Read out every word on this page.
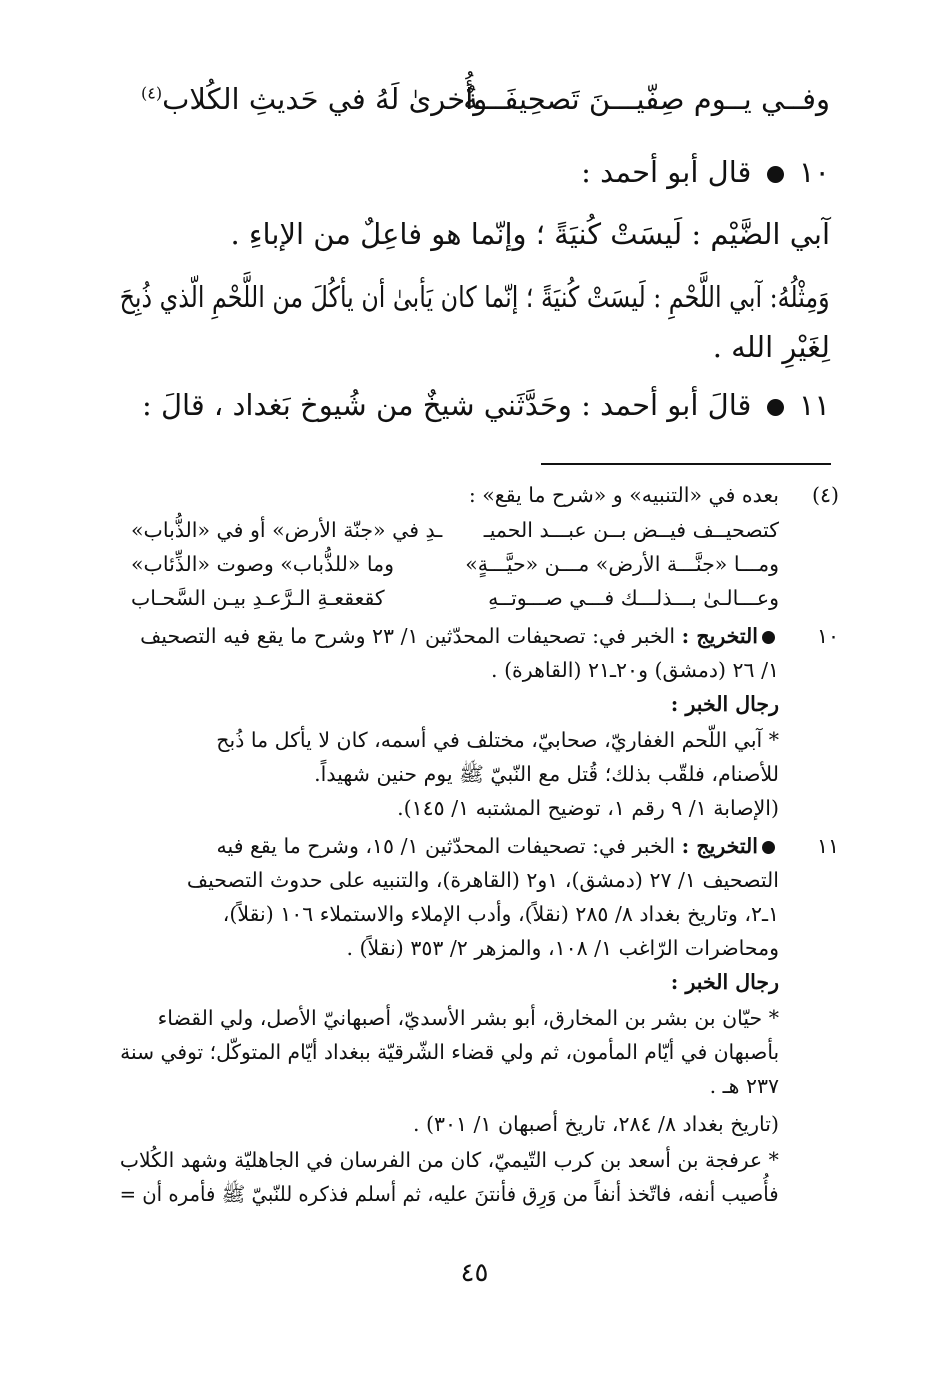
وفــي يــوم صِفّيـــنَ تَصحِيفَـــةٌ
وأُخرىٰ لَهُ في حَديثِ الكُلاب$^{(٤)}$
١٠  قال أبو أحمد :
آبي الضَّيْم : لَيسَتْ كُنيَةً ؛ وإنّما هو فاعِلٌ من الإباءِ .
وَمِثْلُهُ: آبي اللَّحْمِ : لَيسَتْ كُنيَةً ؛ إنّما كان يَأبىٰ أن يأكُلَ من اللَّحْمِ الّذي ذُبِحَ
لِغَيْرِ الله .
١١  قالَ أبو أحمد : وحَدَّثَني شيخٌ من شُيوخ بَغداد ، قالَ :
(٤)
بعده في «التنبيه» و «شرح ما يقع» :
كتصحيــف فيــض بــن عبـــد الحميـ
ـدِ في «جنّة الأرض» أو في «الذُّباب»
ومـــا «جنَّـــة الأرض» مـــن «حيَّـــةٍ»
وما «للذُّباب» وصوت «الذِّئاب»
وعـــالـىٰ بـــذلـــك فـــي صـــوتــهِ
كقعقعـةِ الـرَّعـدِ بيـن السَّحـاب
١٠
التخريج : الخبر في: تصحيفات المحدّثين ١/ ٢٣ وشرح ما يقع فيه التصحيف
١/ ٢٦ (دمشق) و٢٠ـ٢١ (القاهرة) .
رجال الخبر :
* آبي اللّحم الغفاريّ، صحابيّ، مختلف في أسمه، كان لا يأكل ما ذُبح
للأصنام، فلقّب بذلك؛ قُتل مع النّبيّ ﷺ يوم حنين شهيداً.
(الإصابة ١/ ٩ رقم ١، توضيح المشتبه ١/ ١٤٥).
١١
التخريج : الخبر في: تصحيفات المحدّثين ١/ ١٥، وشرح ما يقع فيه
التصحيف ١/ ٢٧ (دمشق)، ١و٢ (القاهرة)، والتنبيه على حدوث التصحيف
١ـ٢، وتاريخ بغداد ٨/ ٢٨٥ (نقلاً)، وأدب الإملاء والاستملاء ١٠٦ (نقلاً)،
ومحاضرات الرّاغب ١/ ١٠٨، والمزهر ٢/ ٣٥٣ (نقلاً) .
رجال الخبر :
* حيّان بن بشر بن المخارق، أبو بشر الأسديّ، أصبهانيّ الأصل، ولي القضاء
بأصبهان في أيّام المأمون، ثم ولي قضاء الشّرقيّة ببغداد أيّام المتوكّل؛ توفي سنة
٢٣٧ هـ .
(تاريخ بغداد ٨/ ٢٨٤، تاريخ أصبهان ١/ ٣٠١) .
* عرفجة بن أسعد بن كرب التّيميّ، كان من الفرسان في الجاهليّة وشهد الكُلاب
فأُصيب أنفه، فاتّخذ أنفاً من وَرِق فأنتنَ عليه، ثم أسلم فذكره للنّبيّ ﷺ فأمره أن =
٤٥
